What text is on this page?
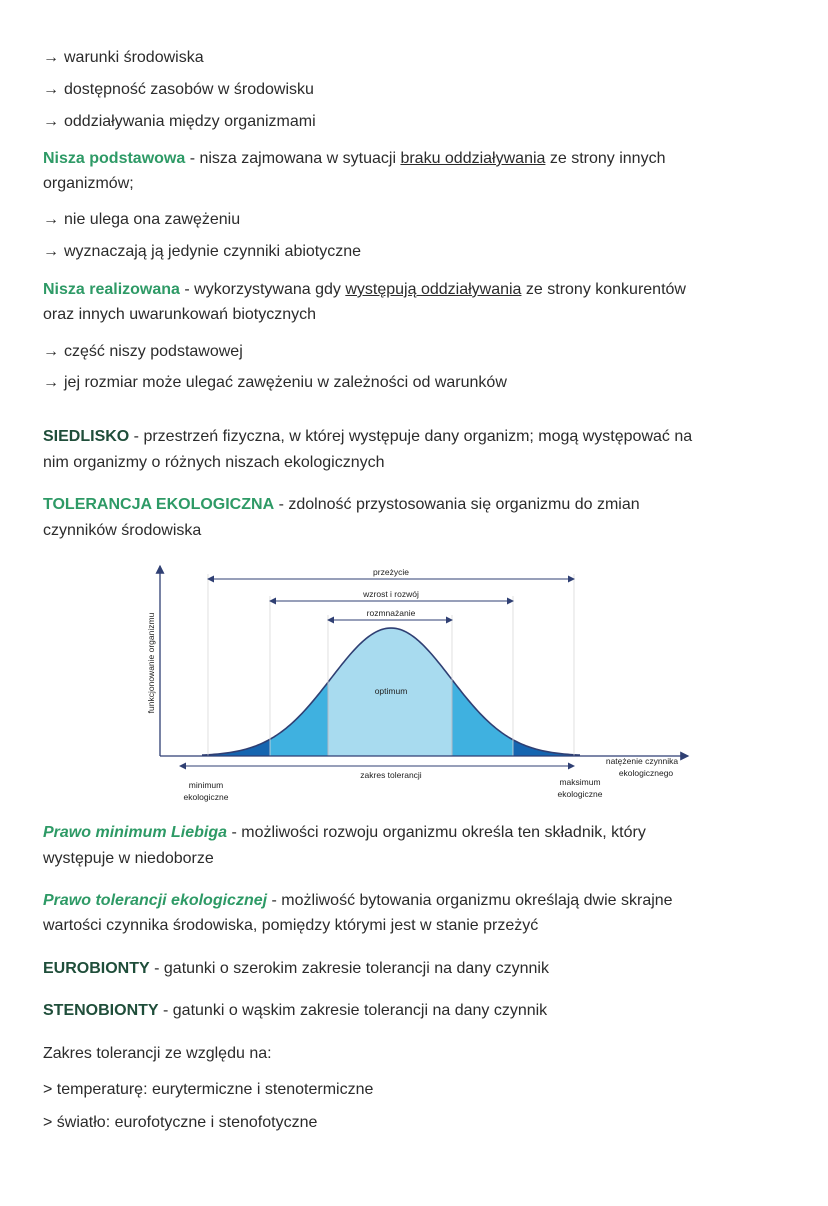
→ warunki środowiska
→ dostępność zasobów w środowisku
→ oddziaływania między organizmami
Nisza podstawowa - nisza zajmowana w sytuacji braku oddziaływania ze strony innych
organizmów;
→ nie ulega ona zawężeniu
→ wyznaczają ją jedynie czynniki abiotyczne
Nisza realizowana - wykorzystywana gdy występują oddziaływania ze strony konkurentów
oraz innych uwarunkowań biotycznych
→ część niszy podstawowej
→ jej rozmiar może ulegać zawężeniu w zależności od warunków
SIEDLISKO - przestrzeń fizyczna, w której występuje dany organizm; mogą występować na
nim organizmy o różnych niszach ekologicznych
TOLERANCJA EKOLOGICZNA - zdolność przystosowania się organizmu do zmian
czynników środowiska
przeżycie
wzrost i rozwój
rozmnażanie
optimum
funkcjonowanie organizmu
zakres tolerancji
minimum
ekologiczne
maksimum
ekologiczne
natężenie czynnika
ekologicznego
Prawo minimum Liebiga - możliwości rozwoju organizmu określa ten składnik, który
występuje w niedoborze
Prawo tolerancji ekologicznej - możliwość bytowania organizmu określają dwie skrajne
wartości czynnika środowiska, pomiędzy którymi jest w stanie przeżyć
EUROBIONTY - gatunki o szerokim zakresie tolerancji na dany czynnik
STENOBIONTY - gatunki o wąskim zakresie tolerancji na dany czynnik
Zakres tolerancji ze względu na:
> temperaturę: eurytermiczne i stenotermiczne
> światło: eurofotyczne i stenofotyczne
